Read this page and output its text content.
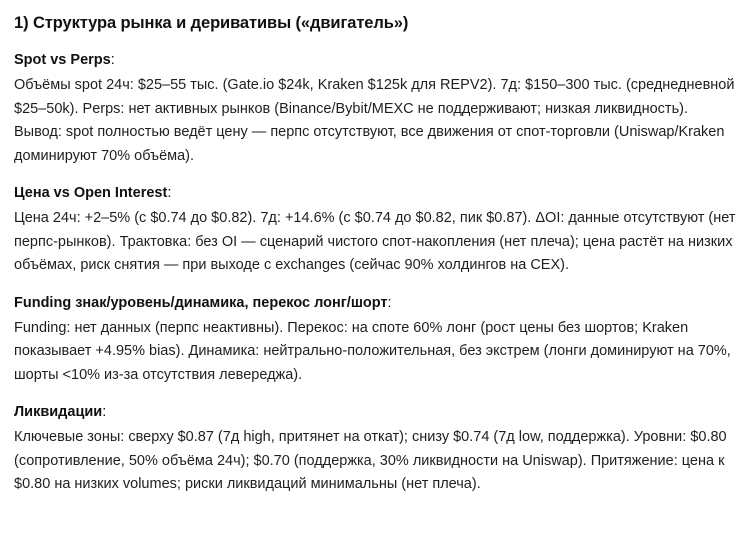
1) Структура рынка и деривативы («двигатель»)

Spot vs Perps:

Объёмы spot 24ч: $25–55 тыс. (Gate.io $24k, Kraken $125k для REPV2). 7д: $150–300 тыс. (среднедневной $25–50k). Perps: нет активных рынков (Binance/Bybit/MEXC не поддерживают; низкая ликвидность). Вывод: spot полностью ведёт цену — перпс отсутствуют, все движения от спот-торговли (Uniswap/Kraken доминируют 70% объёма).

Цена vs Open Interest:

Цена 24ч: +2–5% (с $0.74 до $0.82). 7д: +14.6% (с $0.74 до $0.82, пик $0.87). ΔOI: данные отсутствуют (нет перпс-рынков). Трактовка: без OI — сценарий чистого спот-накопления (нет плеча); цена растёт на низких объёмах, риск снятия — при выходе с exchanges (сейчас 90% холдингов на CEX).

Funding знак/уровень/динамика, перекос лонг/шорт:

Funding: нет данных (перпс неактивны). Перекос: на споте 60% лонг (рост цены без шортов; Kraken показывает +4.95% bias). Динамика: нейтрально-положительная, без экстрем (лонги доминируют на 70%, шорты <10% из-за отсутствия левереджа).

Ликвидации:

Ключевые зоны: сверху $0.87 (7д high, притянет на откат); снизу $0.74 (7д low, поддержка). Уровни: $0.80 (сопротивление, 50% объёма 24ч); $0.70 (поддержка, 30% ликвидности на Uniswap). Притяжение: цена к $0.80 на низких volumes; риски ликвидаций минимальны (нет плеча).
